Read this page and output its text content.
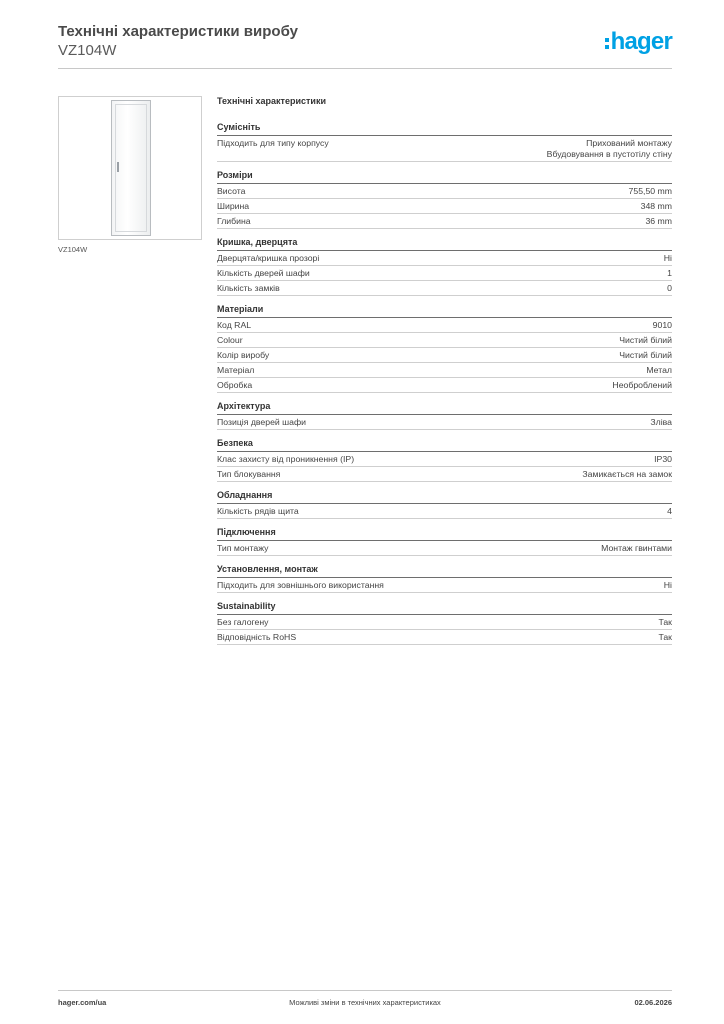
Технічні характеристики виробу
VZ104W	hager
VZ104W
Технічні характеристики
Сумісніть
Підходить для типу корпусу	Прихований монтажу
Вбудовування в пустотілу стіну
Розміри
Висота	755,50 mm
Ширина	348 mm
Глибина	36 mm
Кришка, дверцята
Дверцята/кришка прозорі	Ні
Кількість дверей шафи	1
Кількість замків	0
Матеріали
Код RAL	9010
Colour	Чистий білий
Колір виробу	Чистий білий
Матеріал	Метал
Обробка	Необроблений
Архітектура
Позиція дверей шафи	Зліва
Безпека
Клас захисту від проникнення (IP)	IP30
Тип блокування	Замикається на замок
Обладнання
Кількість рядів щита	4
Підключення
Тип монтажу	Монтаж гвинтами
Установлення, монтаж
Підходить для зовнішнього використання	Ні
Sustainability
Без галогену	Так
Відповідність RoHS	Так
hager.com/ua	Можливі зміни в технічних характеристиках	02.06.2026
